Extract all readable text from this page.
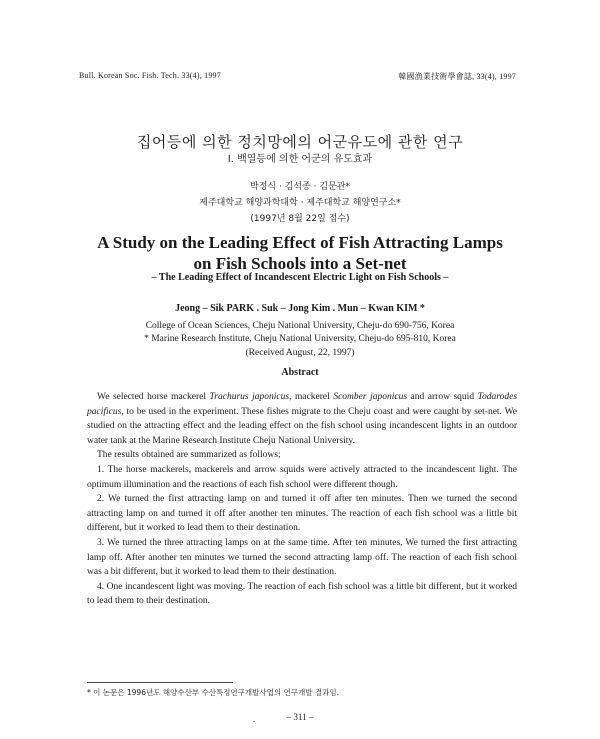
Bull. Korean Soc. Fish. Tech. 33(4), 1997	韓國漁業技術學會誌, 33(4), 1997
집어등에 의한 정치망에의 어군유도에 관한 연구
Ⅰ. 백열등에 의한 어군의 유도효과
박정식 · 김석종 · 김문관*
제주대학교 해양과학대학 · 제주대학교 해양연구소*
(1997년 8월 22일 접수)
A Study on the Leading Effect of Fish Attracting Lamps
on Fish Schools into a Set-net
– The Leading Effect of Incandescent Electric Light on Fish Schools –
Jeong – Sik PARK . Suk – Jong Kim . Mun – Kwan KIM *
College of Ocean Sciences, Cheju National University, Cheju-do 690-756, Korea
* Marine Research Institute, Cheju National University, Cheju-do 695-810, Korea
(Received August, 22, 1997)
Abstract

We selected horse mackerel Trachurus japonicus, mackerel Scomber japonicus and arrow squid Todarodes pacificus, to be used in the experiment. These fishes migrate to the Cheju coast and were caught by set-net. We studied on the attracting effect and the leading effect on the fish school using incandescent lights in an outdoor water tank at the Marine Research Institute Cheju National University.

The results obtained are summarized as follows;

1. The horse mackerels, mackerels and arrow squids were actively attracted to the incandescent light. The optimum illumination and the reactions of each fish school were different though.

2. We turned the first attracting lamp on and turned it off after ten minutes. Then we turned the second attracting lamp on and turned it off after another ten minutes. The reaction of each fish school was a little bit different, but it worked to lead them to their destination.

3. We turned the three attracting lamps on at the same time. After ten minutes, We turned the first attracting lamp off. After another ten minutes we turned the second attracting lamp off. The reaction of each fish school was a bit different, but it worked to lead them to their destination.

4. One incandescent light was moving. The reaction of each fish school was a little bit different, but it worked to lead them to their destination.

* 이 논문은 1996년도 해양수산부 수산특정연구개발사업의 연구개발 결과임.
.	– 311 –
